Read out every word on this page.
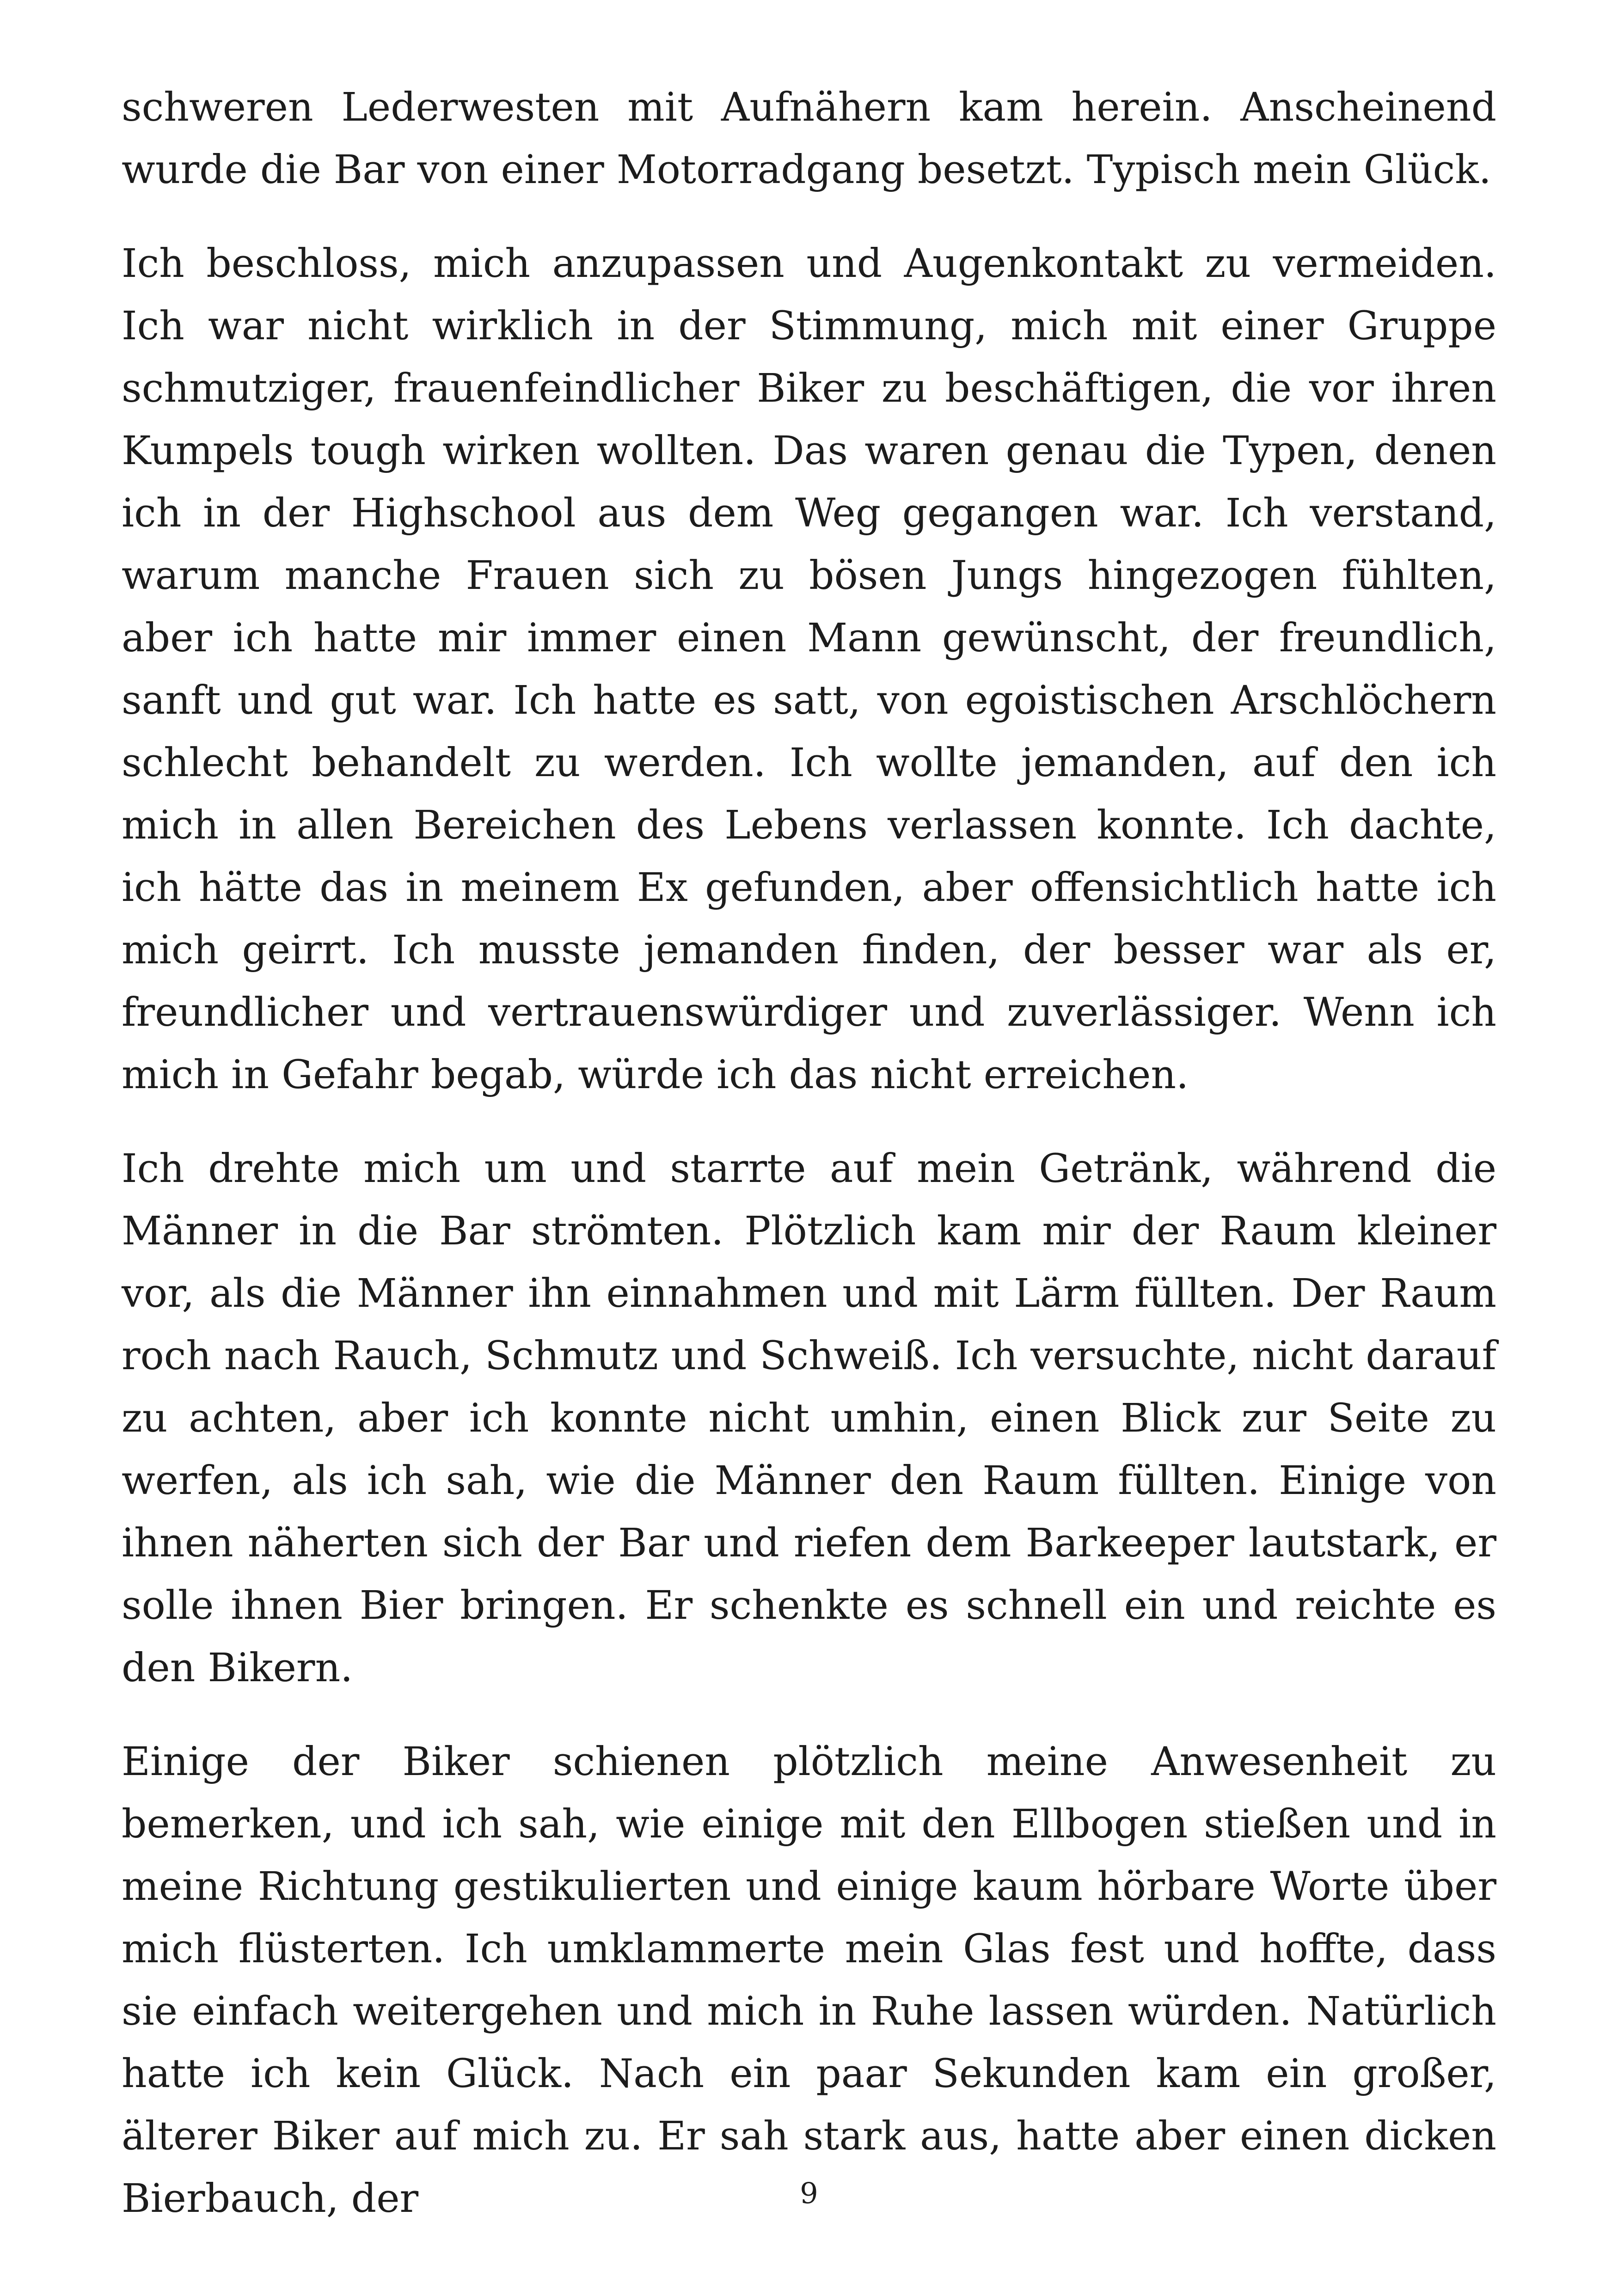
schweren Lederwesten mit Aufnähern kam herein. Anscheinend wurde die Bar von einer Motorradgang besetzt. Typisch mein Glück.

Ich beschloss, mich anzupassen und Augenkontakt zu vermeiden. Ich war nicht wirklich in der Stimmung, mich mit einer Gruppe schmutziger, frauenfeindlicher Biker zu beschäftigen, die vor ihren Kumpels tough wirken wollten. Das waren genau die Typen, denen ich in der Highschool aus dem Weg gegangen war. Ich verstand, warum manche Frauen sich zu bösen Jungs hingezogen fühlten, aber ich hatte mir immer einen Mann gewünscht, der freundlich, sanft und gut war. Ich hatte es satt, von egoistischen Arschlöchern schlecht behandelt zu werden. Ich wollte jemanden, auf den ich mich in allen Bereichen des Lebens verlassen konnte. Ich dachte, ich hätte das in meinem Ex gefunden, aber offensichtlich hatte ich mich geirrt. Ich musste jemanden finden, der besser war als er, freundlicher und vertrauenswürdiger und zuverlässiger. Wenn ich mich in Gefahr begab, würde ich das nicht erreichen.

Ich drehte mich um und starrte auf mein Getränk, während die Männer in die Bar strömten. Plötzlich kam mir der Raum kleiner vor, als die Männer ihn einnahmen und mit Lärm füllten. Der Raum roch nach Rauch, Schmutz und Schweiß. Ich versuchte, nicht darauf zu achten, aber ich konnte nicht umhin, einen Blick zur Seite zu werfen, als ich sah, wie die Männer den Raum füllten. Einige von ihnen näherten sich der Bar und riefen dem Barkeeper lautstark, er solle ihnen Bier bringen. Er schenkte es schnell ein und reichte es den Bikern.

Einige der Biker schienen plötzlich meine Anwesenheit zu bemerken, und ich sah, wie einige mit den Ellbogen stießen und in meine Richtung gestikulierten und einige kaum hörbare Worte über mich flüsterten. Ich umklammerte mein Glas fest und hoffte, dass sie einfach weitergehen und mich in Ruhe lassen würden. Natürlich hatte ich kein Glück. Nach ein paar Sekunden kam ein großer, älterer Biker auf mich zu. Er sah stark aus, hatte aber einen dicken Bierbauch, der	9
